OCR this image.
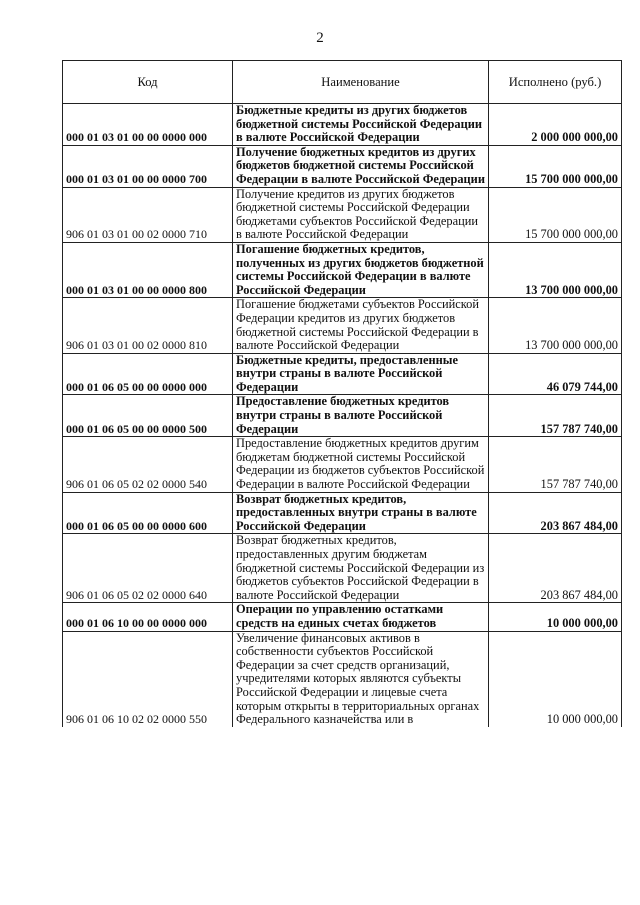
2
Код	Наименование	Исполнено (руб.)
000 01 03 01 00 00 0000 000	Бюджетные кредиты из других бюджетов бюджетной системы Российской Федерации в валюте Российской Федерации	2 000 000 000,00
000 01 03 01 00 00 0000 700	Получение бюджетных кредитов из других бюджетов бюджетной системы Российской Федерации в валюте Российской Федерации	15 700 000 000,00
906 01 03 01 00 02 0000 710	Получение кредитов из других бюджетов бюджетной системы Российской Федерации бюджетами субъектов Российской Федерации в валюте Российской Федерации	15 700 000 000,00
000 01 03 01 00 00 0000 800	Погашение бюджетных кредитов, полученных из других бюджетов бюджетной системы Российской Федерации в валюте Российской Федерации	13 700 000 000,00
906 01 03 01 00 02 0000 810	Погашение бюджетами субъектов Российской Федерации кредитов из других бюджетов бюджетной системы Российской Федерации в валюте Российской Федерации	13 700 000 000,00
000 01 06 05 00 00 0000 000	Бюджетные кредиты, предоставленные внутри страны в валюте Российской Федерации	46 079 744,00
000 01 06 05 00 00 0000 500	Предоставление бюджетных кредитов внутри страны в валюте Российской Федерации	157 787 740,00
906 01 06 05 02 02 0000 540	Предоставление бюджетных кредитов другим бюджетам бюджетной системы Российской Федерации из бюджетов субъектов Российской Федерации в валюте Российской Федерации	157 787 740,00
000 01 06 05 00 00 0000 600	Возврат бюджетных кредитов, предоставленных внутри страны в валюте Российской Федерации	203 867 484,00
906 01 06 05 02 02 0000 640	Возврат бюджетных кредитов, предоставленных другим бюджетам бюджетной системы Российской Федерации из бюджетов субъектов Российской Федерации в валюте Российской Федерации	203 867 484,00
000 01 06 10 00 00 0000 000	Операции по управлению остатками средств на единых счетах бюджетов	10 000 000,00
906 01 06 10 02 02 0000 550	Увеличение финансовых активов в собственности субъектов Российской Федерации за счет средств организаций, учредителями которых являются субъекты Российской Федерации и лицевые счета которым открыты в территориальных органах Федерального казначейства или в	10 000 000,00
